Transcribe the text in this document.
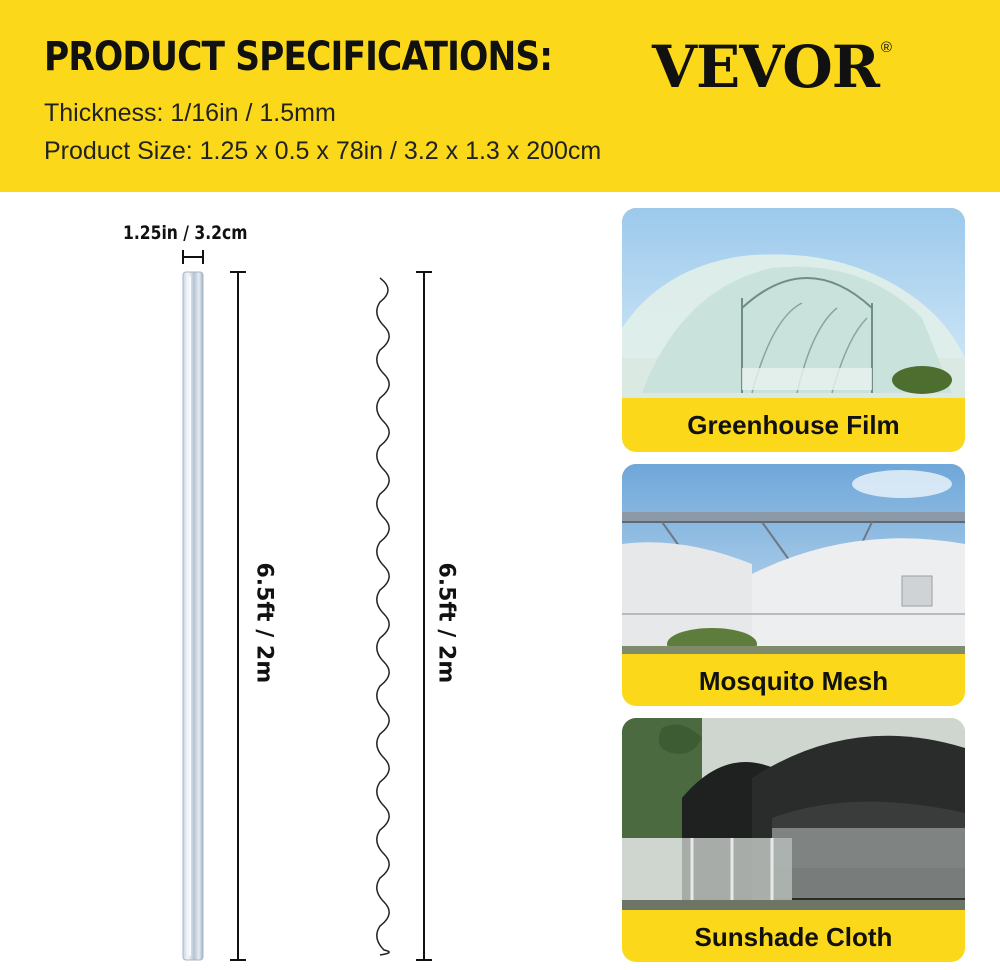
PRODUCT SPECIFICATIONS:
Thickness: 1/16in / 1.5mm
Product Size: 1.25 x 0.5 x 78in / 3.2 x 1.3 x 200cm
VEVOR ®
1.25in / 3.2cm
6.5ft / 2m	6.5ft / 2m
Greenhouse Film
Mosquito Mesh
Sunshade Cloth
